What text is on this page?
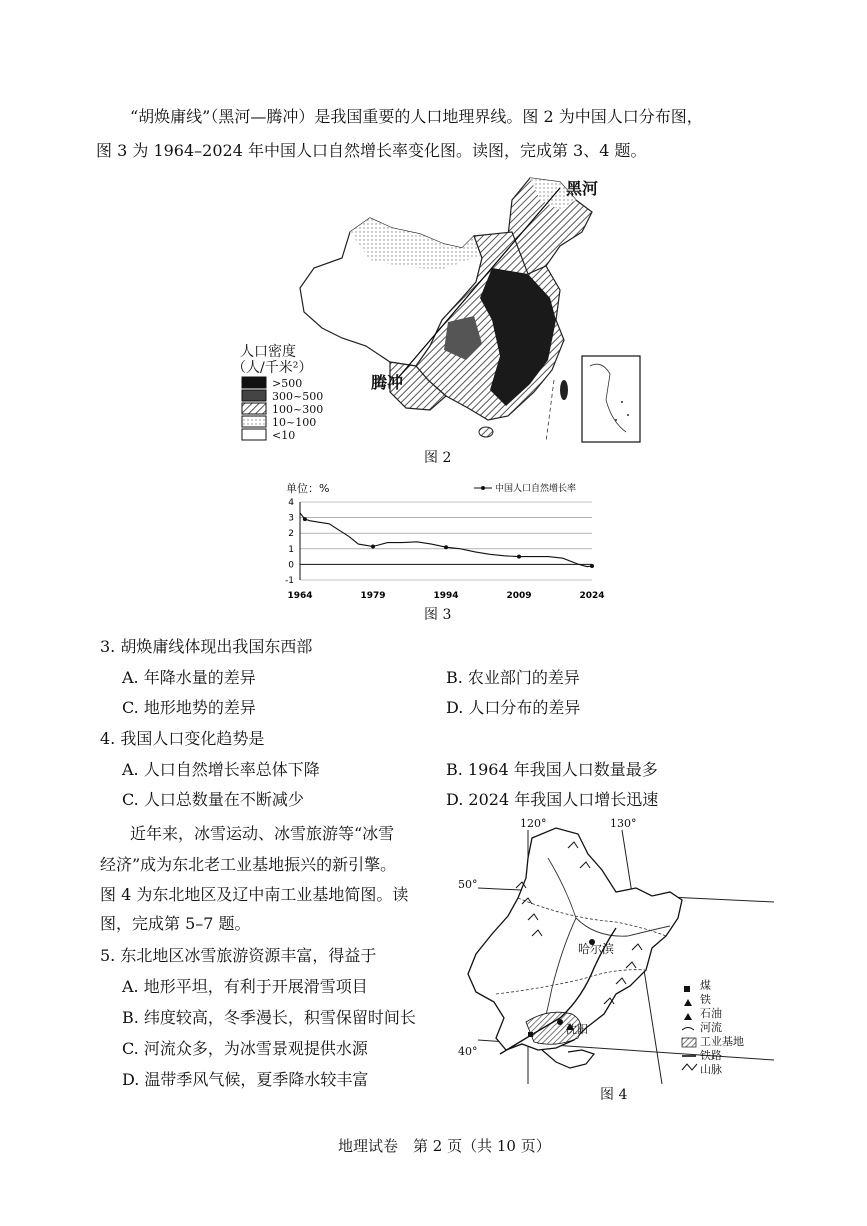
“胡焕庸线”（黑河—腾冲）是我国重要的人口地理界线。图 2 为中国人口分布图，
图 3 为 1964–2024 年中国人口自然增长率变化图。读图，完成第 3、4 题。
黑河
腾冲
人口密度
（人/千米²）
>500
300~500
100~300
10~100
<10
图 2
4
3
2
1
0
-1
1964	1979	1994	2009	2024
中国人口自然增长率
单位：%
图 3
3. 胡焕庸线体现出我国东西部
A. 年降水量的差异	B. 农业部门的差异
C. 地形地势的差异	D. 人口分布的差异
4. 我国人口变化趋势是
A. 人口自然增长率总体下降	B. 1964 年我国人口数量最多
C. 人口总数量在不断减少	D. 2024 年我国人口增长迅速
近年来，冰雪运动、冰雪旅游等“冰雪
经济”成为东北老工业基地振兴的新引擎。
图 4 为东北地区及辽中南工业基地简图。读
图，完成第 5–7 题。
5. 东北地区冰雪旅游资源丰富，得益于
A. 地形平坦，有利于开展滑雪项目
B. 纬度较高，冬季漫长，积雪保留时间长
C. 河流众多，为冰雪景观提供水源
D. 温带季风气候，夏季降水较丰富
120°	130°
50°
40°
哈尔滨
沈阳
煤
铁
石油
河流
工业基地
铁路
山脉
图 4
地理试卷　第 2 页（共 10 页）
